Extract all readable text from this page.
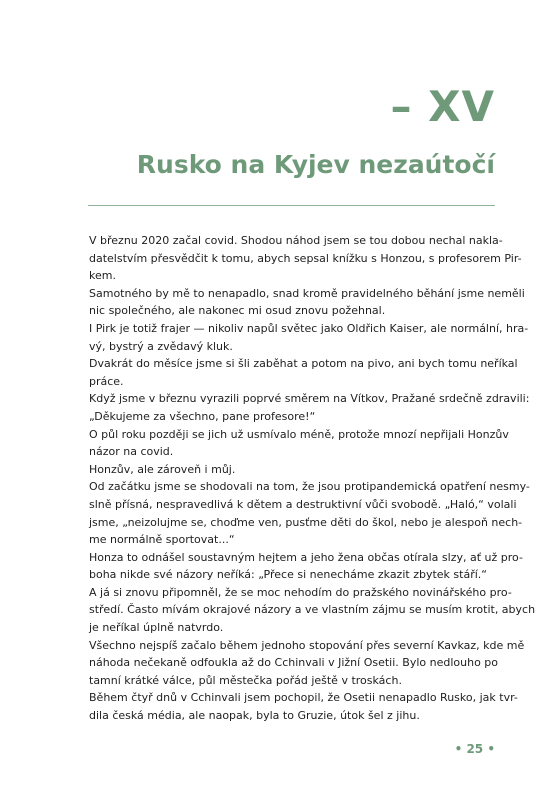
– XV
Rusko na Kyjev nezaútočí
V březnu 2020 začal covid. Shodou náhod jsem se tou dobou nechal nakla-
datelstvím přesvědčit k tomu, abych sepsal knížku s Honzou, s profesorem Pir-
kem.
Samotného by mě to nenapadlo, snad kromě pravidelného běhání jsme neměli
nic společného, ale nakonec mi osud znovu požehnal.
I Pirk je totiž frajer — nikoliv napůl světec jako Oldřich Kaiser, ale normální, hra-
vý, bystrý a zvědavý kluk.
Dvakrát do měsíce jsme si šli zaběhat a potom na pivo, ani bych tomu neříkal
práce.
Když jsme v březnu vyrazili poprvé směrem na Vítkov, Pražané srdečně zdravili:
„Děkujeme za všechno, pane profesore!“
O půl roku později se jich už usmívalo méně, protože mnozí nepřijali Honzův
názor na covid.
Honzův, ale zároveň i můj.
Od začátku jsme se shodovali na tom, že jsou protipandemická opatření nesmy-
slně přísná, nespravedlivá k dětem a destruktivní vůči svobodě. „Haló,“ volali
jsme, „neizolujme se, choďme ven, pusťme děti do škol, nebo je alespoň nech-
me normálně sportovat...“
Honza to odnášel soustavným hejtem a jeho žena občas otírala slzy, ať už pro-
boha nikde své názory neříká: „Přece si nenecháme zkazit zbytek stáří.“
A já si znovu připomněl, že se moc nehodím do pražského novinářského pro-
středí. Často mívám okrajové názory a ve vlastním zájmu se musím krotit, abych
je neříkal úplně natvrdo.
Všechno nejspíš začalo během jednoho stopování přes severní Kavkaz, kde mě
náhoda nečekaně odfoukla až do Cchinvali v Jižní Osetii. Bylo nedlouho po
tamní krátké válce, půl městečka pořád ještě v troskách.
Během čtyř dnů v Cchinvali jsem pochopil, že Osetii nenapadlo Rusko, jak tvr-
dila česká média, ale naopak, byla to Gruzie, útok šel z jihu.
• 25 •
